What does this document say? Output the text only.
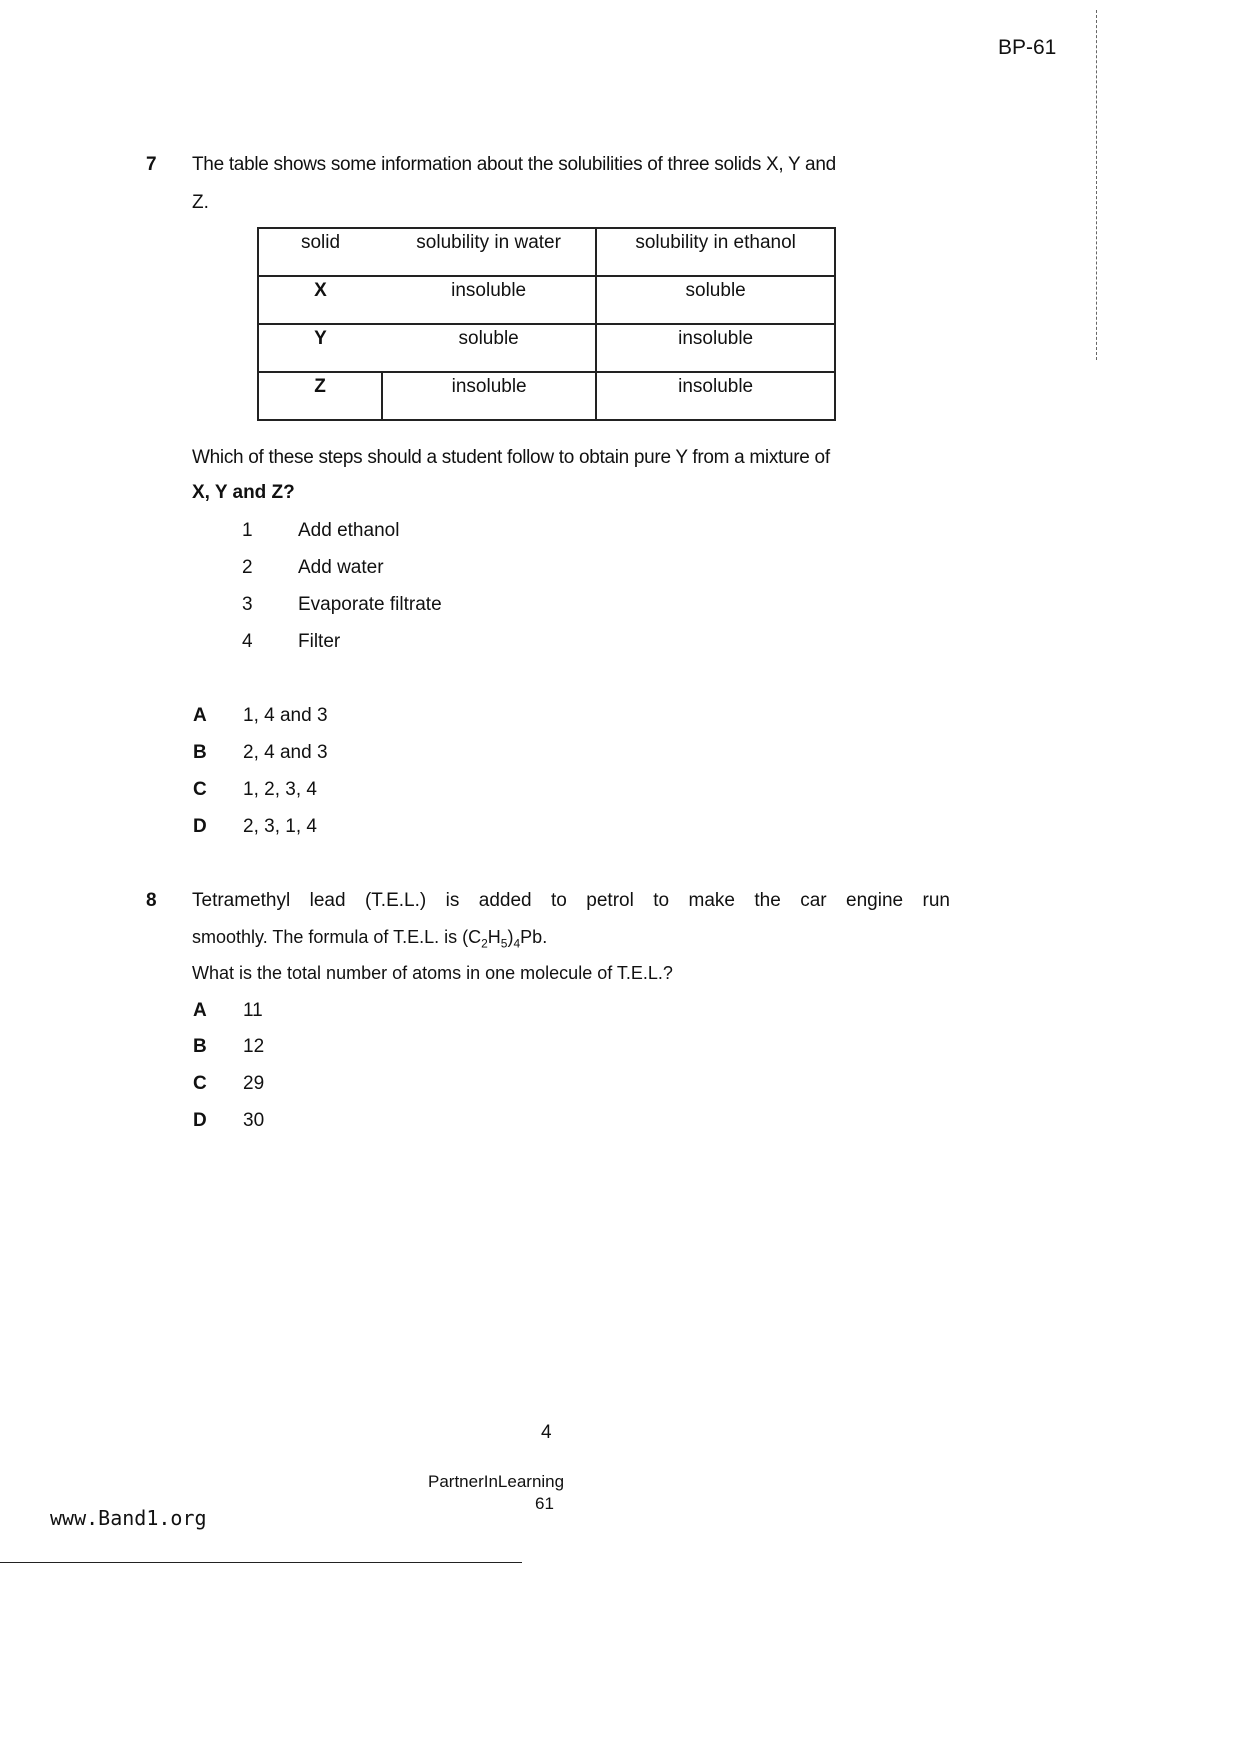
BP-61
7 The table shows some information about the solubilities of three solids X, Y and
Z.
solid	solubility in water	solubility in ethanol
X	insoluble	soluble
Y	soluble	insoluble
Z	insoluble	insoluble
Which of these steps should a student follow to obtain pure Y from a mixture of
X, Y and Z?
1 Add ethanol
2 Add water
3 Evaporate filtrate
4 Filter
A 1, 4 and 3
B 2, 4 and 3
C 1, 2, 3, 4
D 2, 3, 1, 4
8 Tetramethyl lead (T.E.L.) is added to petrol to make the car engine run
smoothly. The formula of T.E.L. is $(C_2H_5)_4Pb$.
What is the total number of atoms in one molecule of T.E.L.?
A 11
B 12
C 29
D 30
4
PartnerInLearning
61
www.Band1.org
